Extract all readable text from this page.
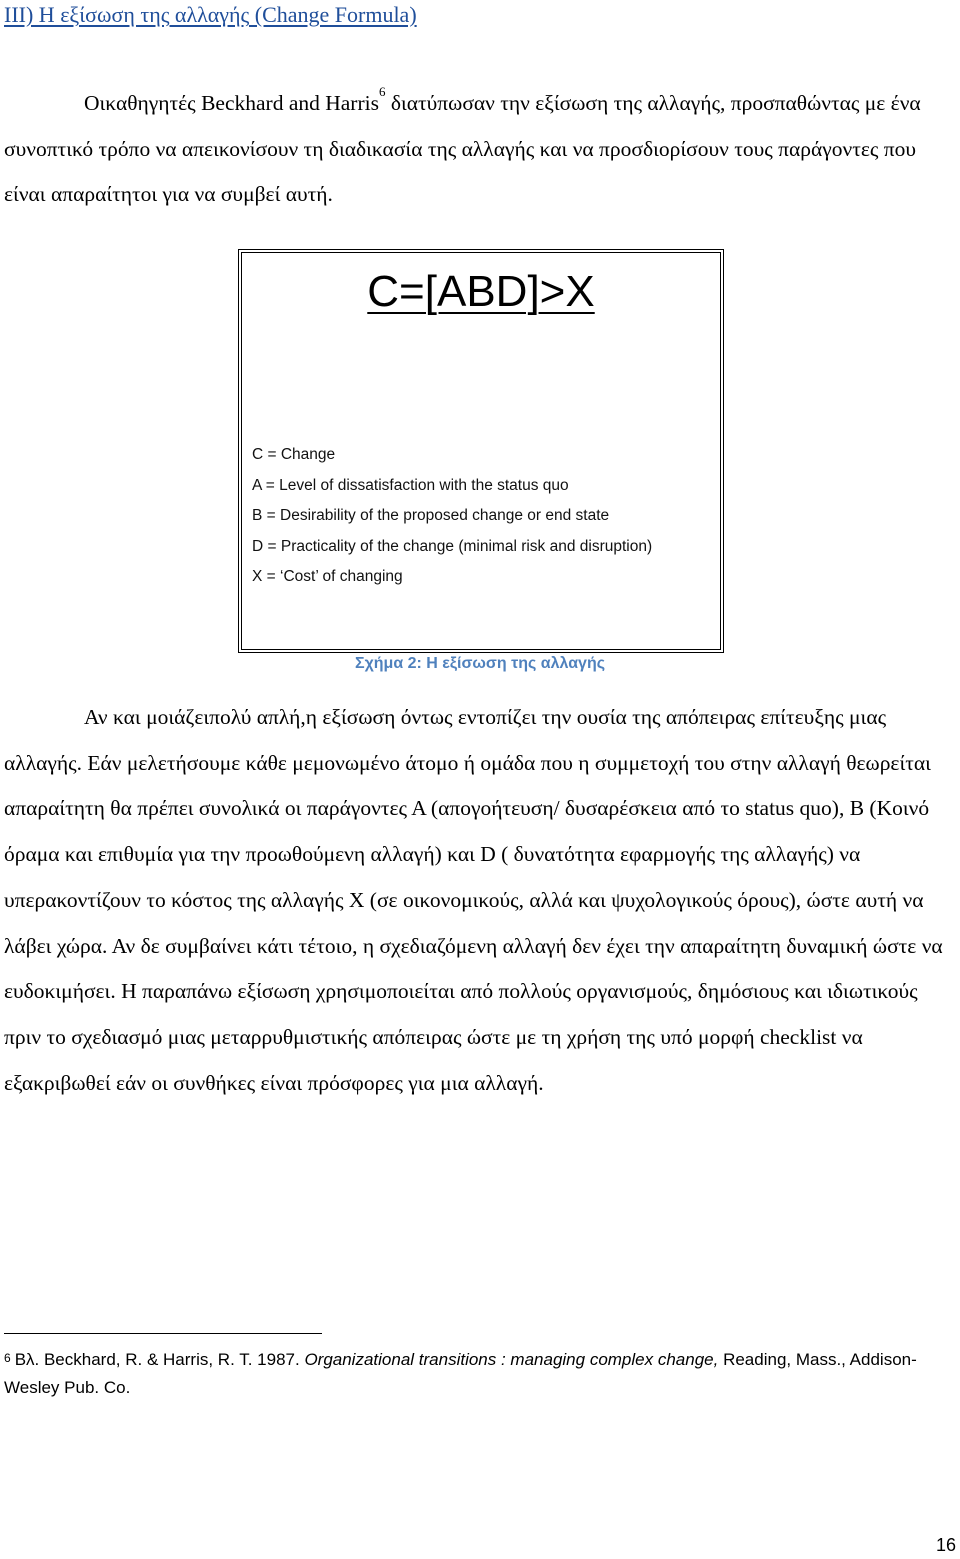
III) Η εξίσωση της αλλαγής (Change Formula)

Οικαθηγητές Beckhard and Harris$^6$ διατύπωσαν την εξίσωση της αλλαγής, προσπαθώντας με ένα συνοπτικό τρόπο να απεικονίσουν τη διαδικασία της αλλαγής και να προσδιορίσουν τους παράγοντες που είναι απαραίτητοι για να συμβεί αυτή.

C=[ABD]>X
C = Change
A = Level of dissatisfaction with the status quo
B = Desirability of the proposed change or end state
D = Practicality of the change (minimal risk and disruption)
X = ‘Cost’ of changing
Σχήμα 2: Η εξίσωση της αλλαγής

Αν και μοιάζειπολύ απλή,η εξίσωση όντως εντοπίζει την ουσία της απόπειρας επίτευξης μιας αλλαγής. Εάν μελετήσουμε κάθε μεμονωμένο άτομο ή ομάδα που η συμμετοχή του στην αλλαγή θεωρείται απαραίτητη θα πρέπει συνολικά οι παράγοντες Α (απογοήτευση/ δυσαρέσκεια από το status quo), B (Κοινό όραμα και επιθυμία για την προωθούμενη αλλαγή) και D ( δυνατότητα εφαρμογής της αλλαγής) να υπερακοντίζουν το κόστος της αλλαγής Χ (σε οικονομικούς, αλλά και ψυχολογικούς όρους), ώστε αυτή να λάβει χώρα. Αν δε συμβαίνει κάτι τέτοιο, η σχεδιαζόμενη αλλαγή δεν έχει την απαραίτητη δυναμική ώστε να ευδοκιμήσει. Η παραπάνω εξίσωση χρησιμοποιείται από πολλούς οργανισμούς, δημόσιους και ιδιωτικούς πριν το σχεδιασμό μιας μεταρρυθμιστικής απόπειρας ώστε με τη χρήση της υπό μορφή checklist να εξακριβωθεί εάν οι συνθήκες είναι πρόσφορες για μια αλλαγή.

$^6$ Βλ. Beckhard, R. & Harris, R. T. 1987. Organizational transitions : managing complex change, Reading, Mass., Addison-Wesley Pub. Co.

16
